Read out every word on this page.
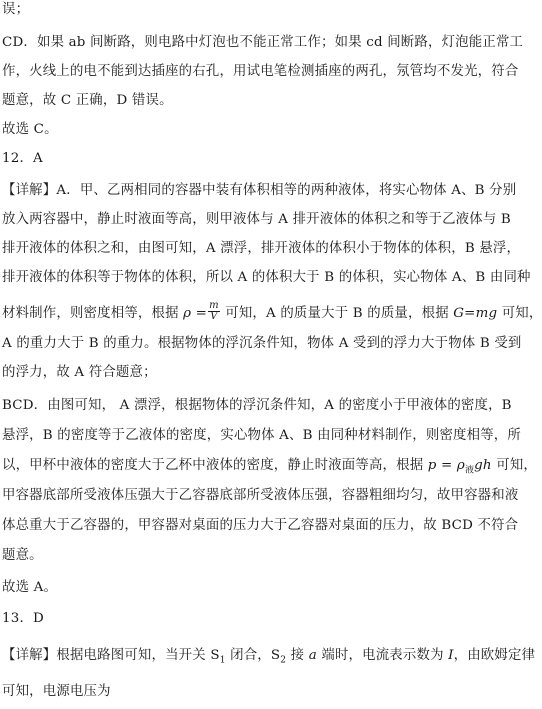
误；
CD．如果 ab 间断路，则电路中灯泡也不能正常工作；如果 cd 间断路，灯泡能正常工
作，火线上的电不能到达插座的右孔，用试电笔检测插座的两孔，氖管均不发光，符合
题意，故 C 正确，D 错误。
故选 C。
12．A
【详解】A．甲、乙两相同的容器中装有体积相等的两种液体，将实心物体 A、B 分别
放入两容器中，静止时液面等高，则甲液体与 A 排开液体的体积之和等于乙液体与 B
排开液体的体积之和，由图可知，A 漂浮，排开液体的体积小于物体的体积，B 悬浮，
排开液体的体积等于物体的体积，所以 A 的体积大于 B 的体积，实心物体 A、B 由同种
材料制作，则密度相等，根据 $\rho = \frac{m}{V}$ 可知，A 的质量大于 B 的质量，根据 G=mg 可知，
A 的重力大于 B 的重力。根据物体的浮沉条件知，物体 A 受到的浮力大于物体 B 受到
的浮力，故 A 符合题意；
BCD．由图可知， A 漂浮，根据物体的浮沉条件知，A 的密度小于甲液体的密度，B
悬浮，B 的密度等于乙液体的密度，实心物体 A、B 由同种材料制作，则密度相等，所
以，甲杯中液体的密度大于乙杯中液体的密度，静止时液面等高，根据 $p = \rho_液gh$ 可知，
甲容器底部所受液体压强大于乙容器底部所受液体压强，容器粗细均匀，故甲容器和液
体总重大于乙容器的，甲容器对桌面的压力大于乙容器对桌面的压力，故 BCD 不符合
题意。
故选 A。
13．D
【详解】根据电路图可知，当开关 $S_1$ 闭合，$S_2$ 接 a 端时，电流表示数为 I，由欧姆定律
可知，电源电压为
